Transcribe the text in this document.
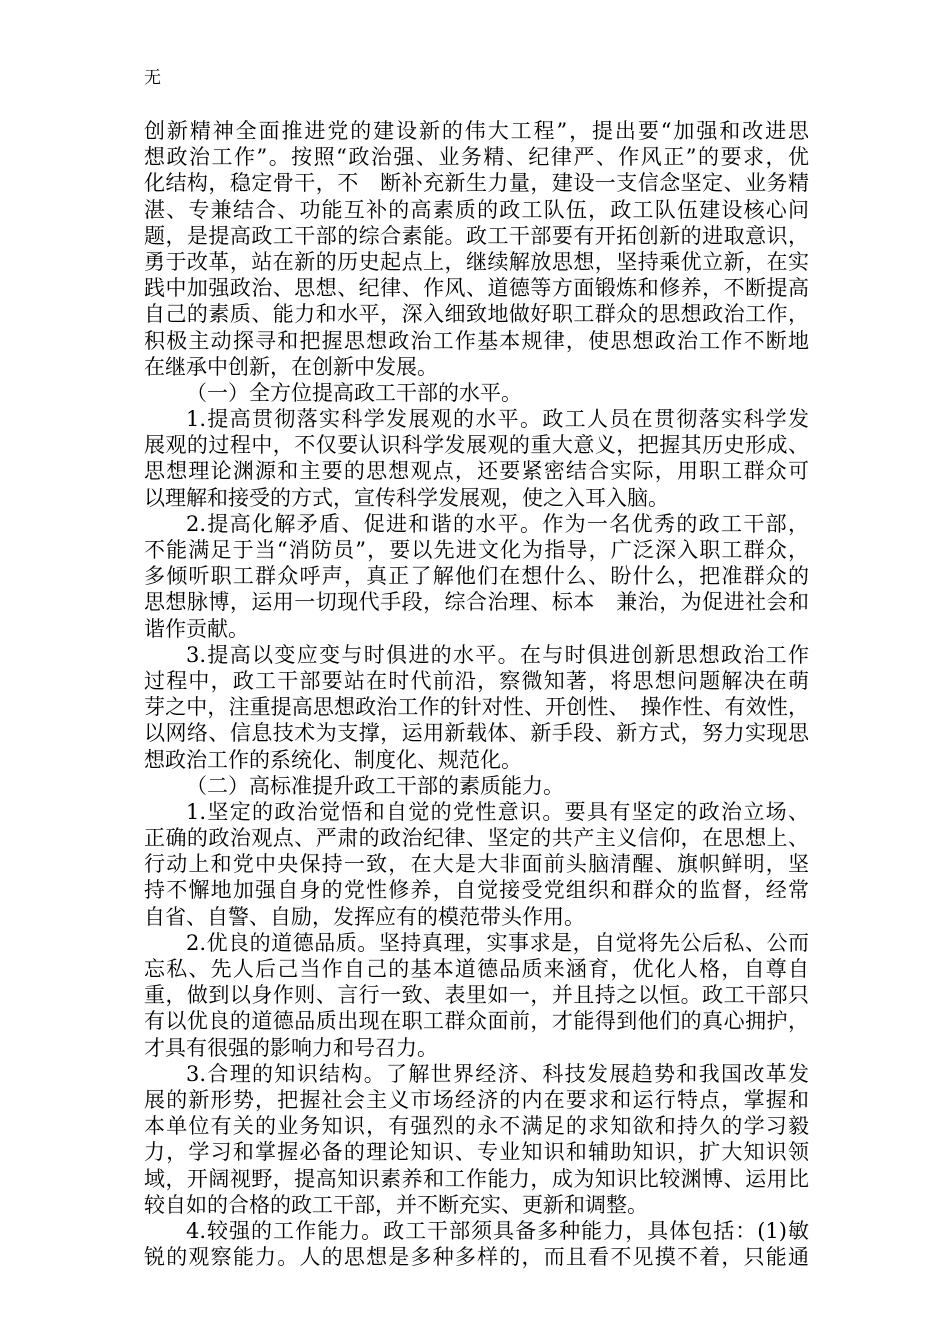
无
创新精神全面推进党的建设新的伟大工程”，提出要“加强和改进思
想政治工作”。按照“政治强、业务精、纪律严、作风正”的要求，优
化结构，稳定骨干，不　断补充新生力量，建设一支信念坚定、业务精
湛、专兼结合、功能互补的高素质的政工队伍，政工队伍建设核心问
题，是提高政工干部的综合素能。政工干部要有开拓创新的进取意识，
勇于改革，站在新的历史起点上，继续解放思想，坚持乘优立新，在实
践中加强政治、思想、纪律、作风、道德等方面锻炼和修养，不断提高
自己的素质、能力和水平，深入细致地做好职工群众的思想政治工作，
积极主动探寻和把握思想政治工作基本规律，使思想政治工作不断地
在继承中创新，在创新中发展。
（一）全方位提高政工干部的水平。
1.提高贯彻落实科学发展观的水平。政工人员在贯彻落实科学发
展观的过程中，不仅要认识科学发展观的重大意义，把握其历史形成、
思想理论渊源和主要的思想观点，还要紧密结合实际，用职工群众可
以理解和接受的方式，宣传科学发展观，使之入耳入脑。
2.提高化解矛盾、促进和谐的水平。作为一名优秀的政工干部，
不能满足于当“消防员”，要以先进文化为指导，广泛深入职工群众，
多倾听职工群众呼声，真正了解他们在想什么、盼什么，把准群众的
思想脉博，运用一切现代手段，综合治理、标本　兼治，为促进社会和
谐作贡献。
3.提高以变应变与时俱进的水平。在与时俱进创新思想政治工作
过程中，政工干部要站在时代前沿，察微知著，将思想问题解决在萌
芽之中，注重提高思想政治工作的针对性、开创性、　操作性、有效性，
以网络、信息技术为支撑，运用新载体、新手段、新方式，努力实现思
想政治工作的系统化、制度化、规范化。
（二）高标准提升政工干部的素质能力。
1.坚定的政治觉悟和自觉的党性意识。要具有坚定的政治立场、
正确的政治观点、严肃的政治纪律、坚定的共产主义信仰，在思想上、
行动上和党中央保持一致，在大是大非面前头脑清醒、旗帜鲜明，坚
持不懈地加强自身的党性修养，自觉接受党组织和群众的监督，经常
自省、自警、自励，发挥应有的模范带头作用。
2.优良的道德品质。坚持真理，实事求是，自觉将先公后私、公而
忘私、先人后己当作自己的基本道德品质来涵育，优化人格，自尊自
重，做到以身作则、言行一致、表里如一，并且持之以恒。政工干部只
有以优良的道德品质出现在职工群众面前，才能得到他们的真心拥护，
才具有很强的影响力和号召力。
3.合理的知识结构。了解世界经济、科技发展趋势和我国改革发
展的新形势，把握社会主义市场经济的内在要求和运行特点，掌握和
本单位有关的业务知识，有强烈的永不满足的求知欲和持久的学习毅
力，学习和掌握必备的理论知识、专业知识和辅助知识，扩大知识领
域，开阔视野，提高知识素养和工作能力，成为知识比较渊博、运用比
较自如的合格的政工干部，并不断充实、更新和调整。
4.较强的工作能力。政工干部须具备多种能力，具体包括：(1)敏
锐的观察能力。人的思想是多种多样的，而且看不见摸不着，只能通
